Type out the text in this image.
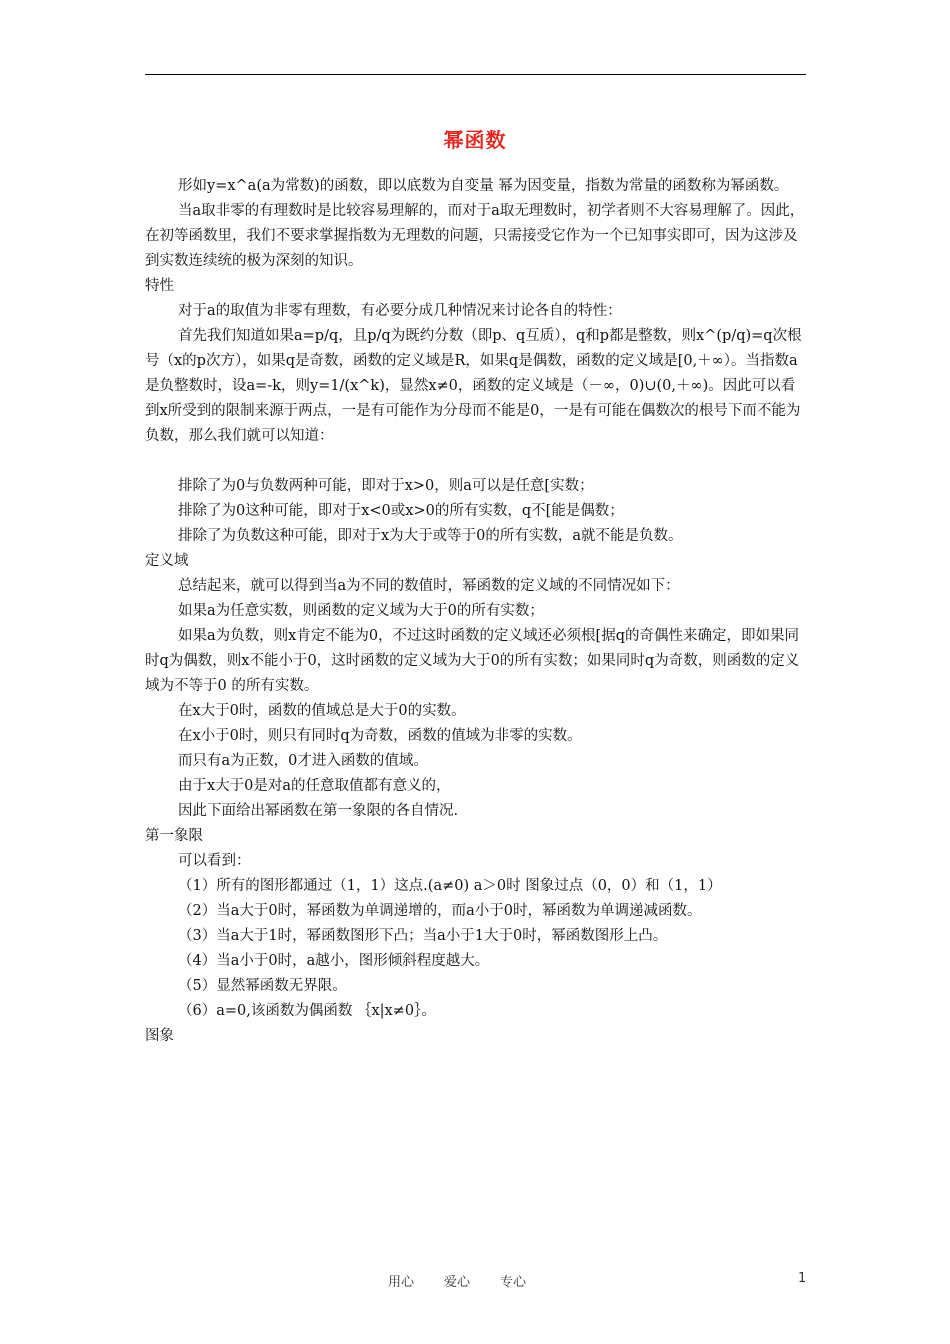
幂函数

形如y=x^a(a为常数)的函数，即以底数为自变量 幂为因变量，指数为常量的函数称为幂函数。

当a取非零的有理数时是比较容易理解的，而对于a取无理数时，初学者则不大容易理解了。因此，在初等函数里，我们不要求掌握指数为无理数的问题，只需接受它作为一个已知事实即可，因为这涉及到实数连续统的极为深刻的知识。

特性

对于a的取值为非零有理数，有必要分成几种情况来讨论各自的特性：

首先我们知道如果a=p/q，且p/q为既约分数（即p、q互质），q和p都是整数，则x^(p/q)=q次根号（x的p次方），如果q是奇数，函数的定义域是R，如果q是偶数，函数的定义域是[0,＋∞）。当指数a是负整数时，设a=-k，则y=1/(x^k)，显然x≠0，函数的定义域是（－∞，0)∪(0,＋∞)。因此可以看到x所受到的限制来源于两点，一是有可能作为分母而不能是0，一是有可能在偶数次的根号下而不能为负数，那么我们就可以知道：

排除了为0与负数两种可能，即对于x>0，则a可以是任意[实数；

排除了为0这种可能，即对于x<0或x>0的所有实数，q不[能是偶数；

排除了为负数这种可能，即对于x为大于或等于0的所有实数，a就不能是负数。

定义域

总结起来，就可以得到当a为不同的数值时，幂函数的定义域的不同情况如下：

如果a为任意实数，则函数的定义域为大于0的所有实数；

如果a为负数，则x肯定不能为0，不过这时函数的定义域还必须根[据q的奇偶性来确定，即如果同时q为偶数，则x不能小于0，这时函数的定义域为大于0的所有实数；如果同时q为奇数，则函数的定义域为不等于0 的所有实数。

在x大于0时，函数的值域总是大于0的实数。

在x小于0时，则只有同时q为奇数，函数的值域为非零的实数。

而只有a为正数，0才进入函数的值域。

由于x大于0是对a的任意取值都有意义的，

因此下面给出幂函数在第一象限的各自情况.

第一象限

可以看到：

（1）所有的图形都通过（1，1）这点.(a≠0) a＞0时 图象过点（0，0）和（1，1）

（2）当a大于0时，幂函数为单调递增的，而a小于0时，幂函数为单调递减函数。

（3）当a大于1时，幂函数图形下凸；当a小于1大于0时，幂函数图形上凸。

（4）当a小于0时，a越小，图形倾斜程度越大。

（5）显然幂函数无界限。

（6）a=0,该函数为偶函数 ｛x|x≠0｝。

图象

用心 爱心 专心	1
